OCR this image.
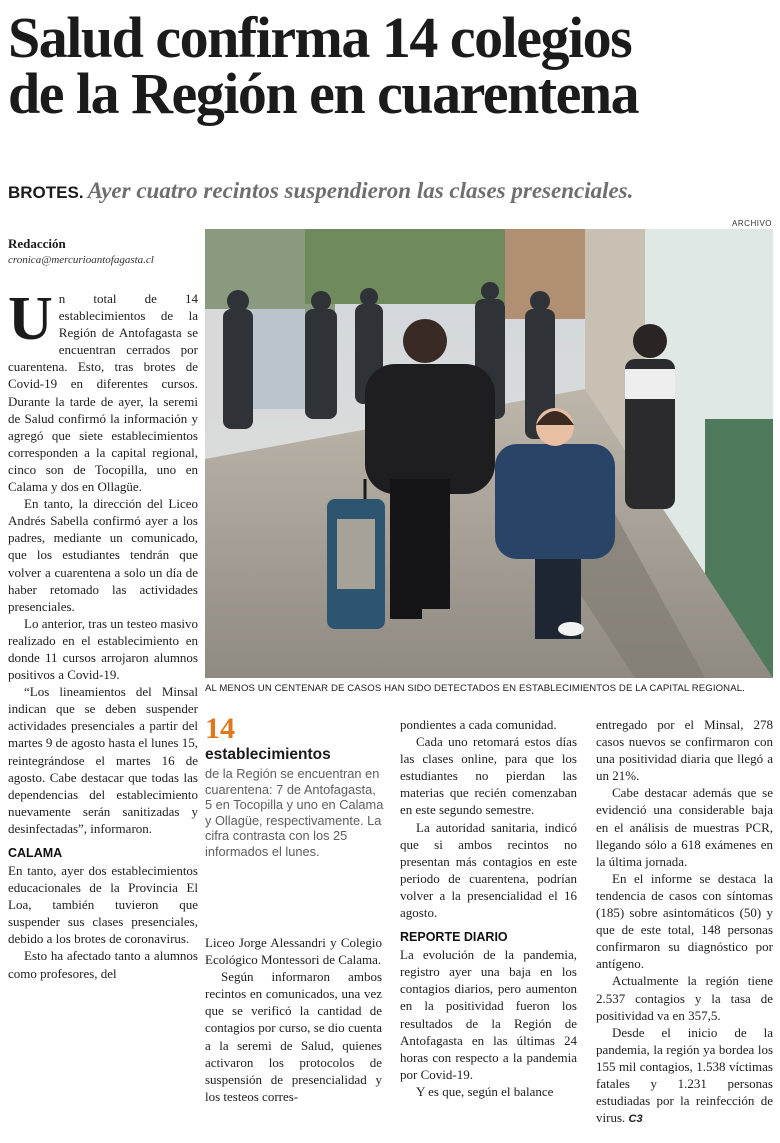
Salud confirma 14 colegios
de la Región en cuarentena
BROTES. Ayer cuatro recintos suspendieron las clases presenciales.
ARCHIVO
Redacción
cronica@mercurioantofagasta.cl

Un total de 14 establecimientos de la Región de Antofagasta se encuentran cerrados por cuarentena. Esto, tras brotes de Covid-19 en diferentes cursos. Durante la tarde de ayer, la seremi de Salud confirmó la información y agregó que siete establecimientos corresponden a la capital regional, cinco son de Tocopilla, uno en Calama y dos en Ollagüe.

En tanto, la dirección del Liceo Andrés Sabella confirmó ayer a los padres, mediante un comunicado, que los estudiantes tendrán que volver a cuarentena a solo un día de haber retomado las actividades presenciales.

Lo anterior, tras un testeo masivo realizado en el establecimiento en donde 11 cursos arrojaron alumnos positivos a Covid-19.

“Los lineamientos del Minsal indican que se deben suspender actividades presenciales a partir del martes 9 de agosto hasta el lunes 15, reintegrándose el martes 16 de agosto. Cabe destacar que todas las dependencias del establecimiento nuevamente serán sanitizadas y desinfectadas”, informaron.

CALAMA

En tanto, ayer dos establecimientos educacionales de la Provincia El Loa, también tuvieron que suspender sus clases presenciales, debido a los brotes de coronavirus.

Esto ha afectado tanto a alumnos como profesores, del

AL MENOS UN CENTENAR DE CASOS HAN SIDO DETECTADOS EN ESTABLECIMIENTOS DE LA CAPITAL REGIONAL.
14
establecimientos
de la Región se encuentran en cuarentena: 7 de Antofagasta, 5 en Tocopilla y uno en Calama y Ollagüe, respectivamente. La cifra contrasta con los 25 informados el lunes.

Liceo Jorge Alessandri y Colegio Ecológico Montessori de Calama.

Según informaron ambos recintos en comunicados, una vez que se verificó la cantidad de contagios por curso, se dio cuenta a la seremi de Salud, quienes activaron los protocolos de suspensión de presencialidad y los testeos corres-

pondientes a cada comunidad.

Cada uno retomará estos días las clases online, para que los estudiantes no pierdan las materias que recién comenzaban en este segundo semestre.

La autoridad sanitaria, indicó que si ambos recintos no presentan más contagios en este periodo de cuarentena, podrían volver a la presencialidad el 16 agosto.

REPORTE DIARIO

La evolución de la pandemia, registro ayer una baja en los contagios diarios, pero aumenton en la positividad fueron los resultados de la Región de Antofagasta en las últimas 24 horas con respecto a la pandemia por Covid-19.

Y es que, según el balance

entregado por el Minsal, 278 casos nuevos se confirmaron con una positividad diaria que llegó a un 21%.

Cabe destacar además que se evidenció una considerable baja en el análisis de muestras PCR, llegando sólo a 618 exámenes en la última jornada.

En el informe se destaca la tendencia de casos con síntomas (185) sobre asintomáticos (50) y que de este total, 148 personas confirmaron su diagnóstico por antígeno.

Actualmente la región tiene 2.537 contagios y la tasa de positividad va en 357,5.

Desde el inicio de la pandemia, la región ya bordea los 155 mil contagios, 1.538 víctimas fatales y 1.231 personas estudiadas por la reinfección de virus. C3
